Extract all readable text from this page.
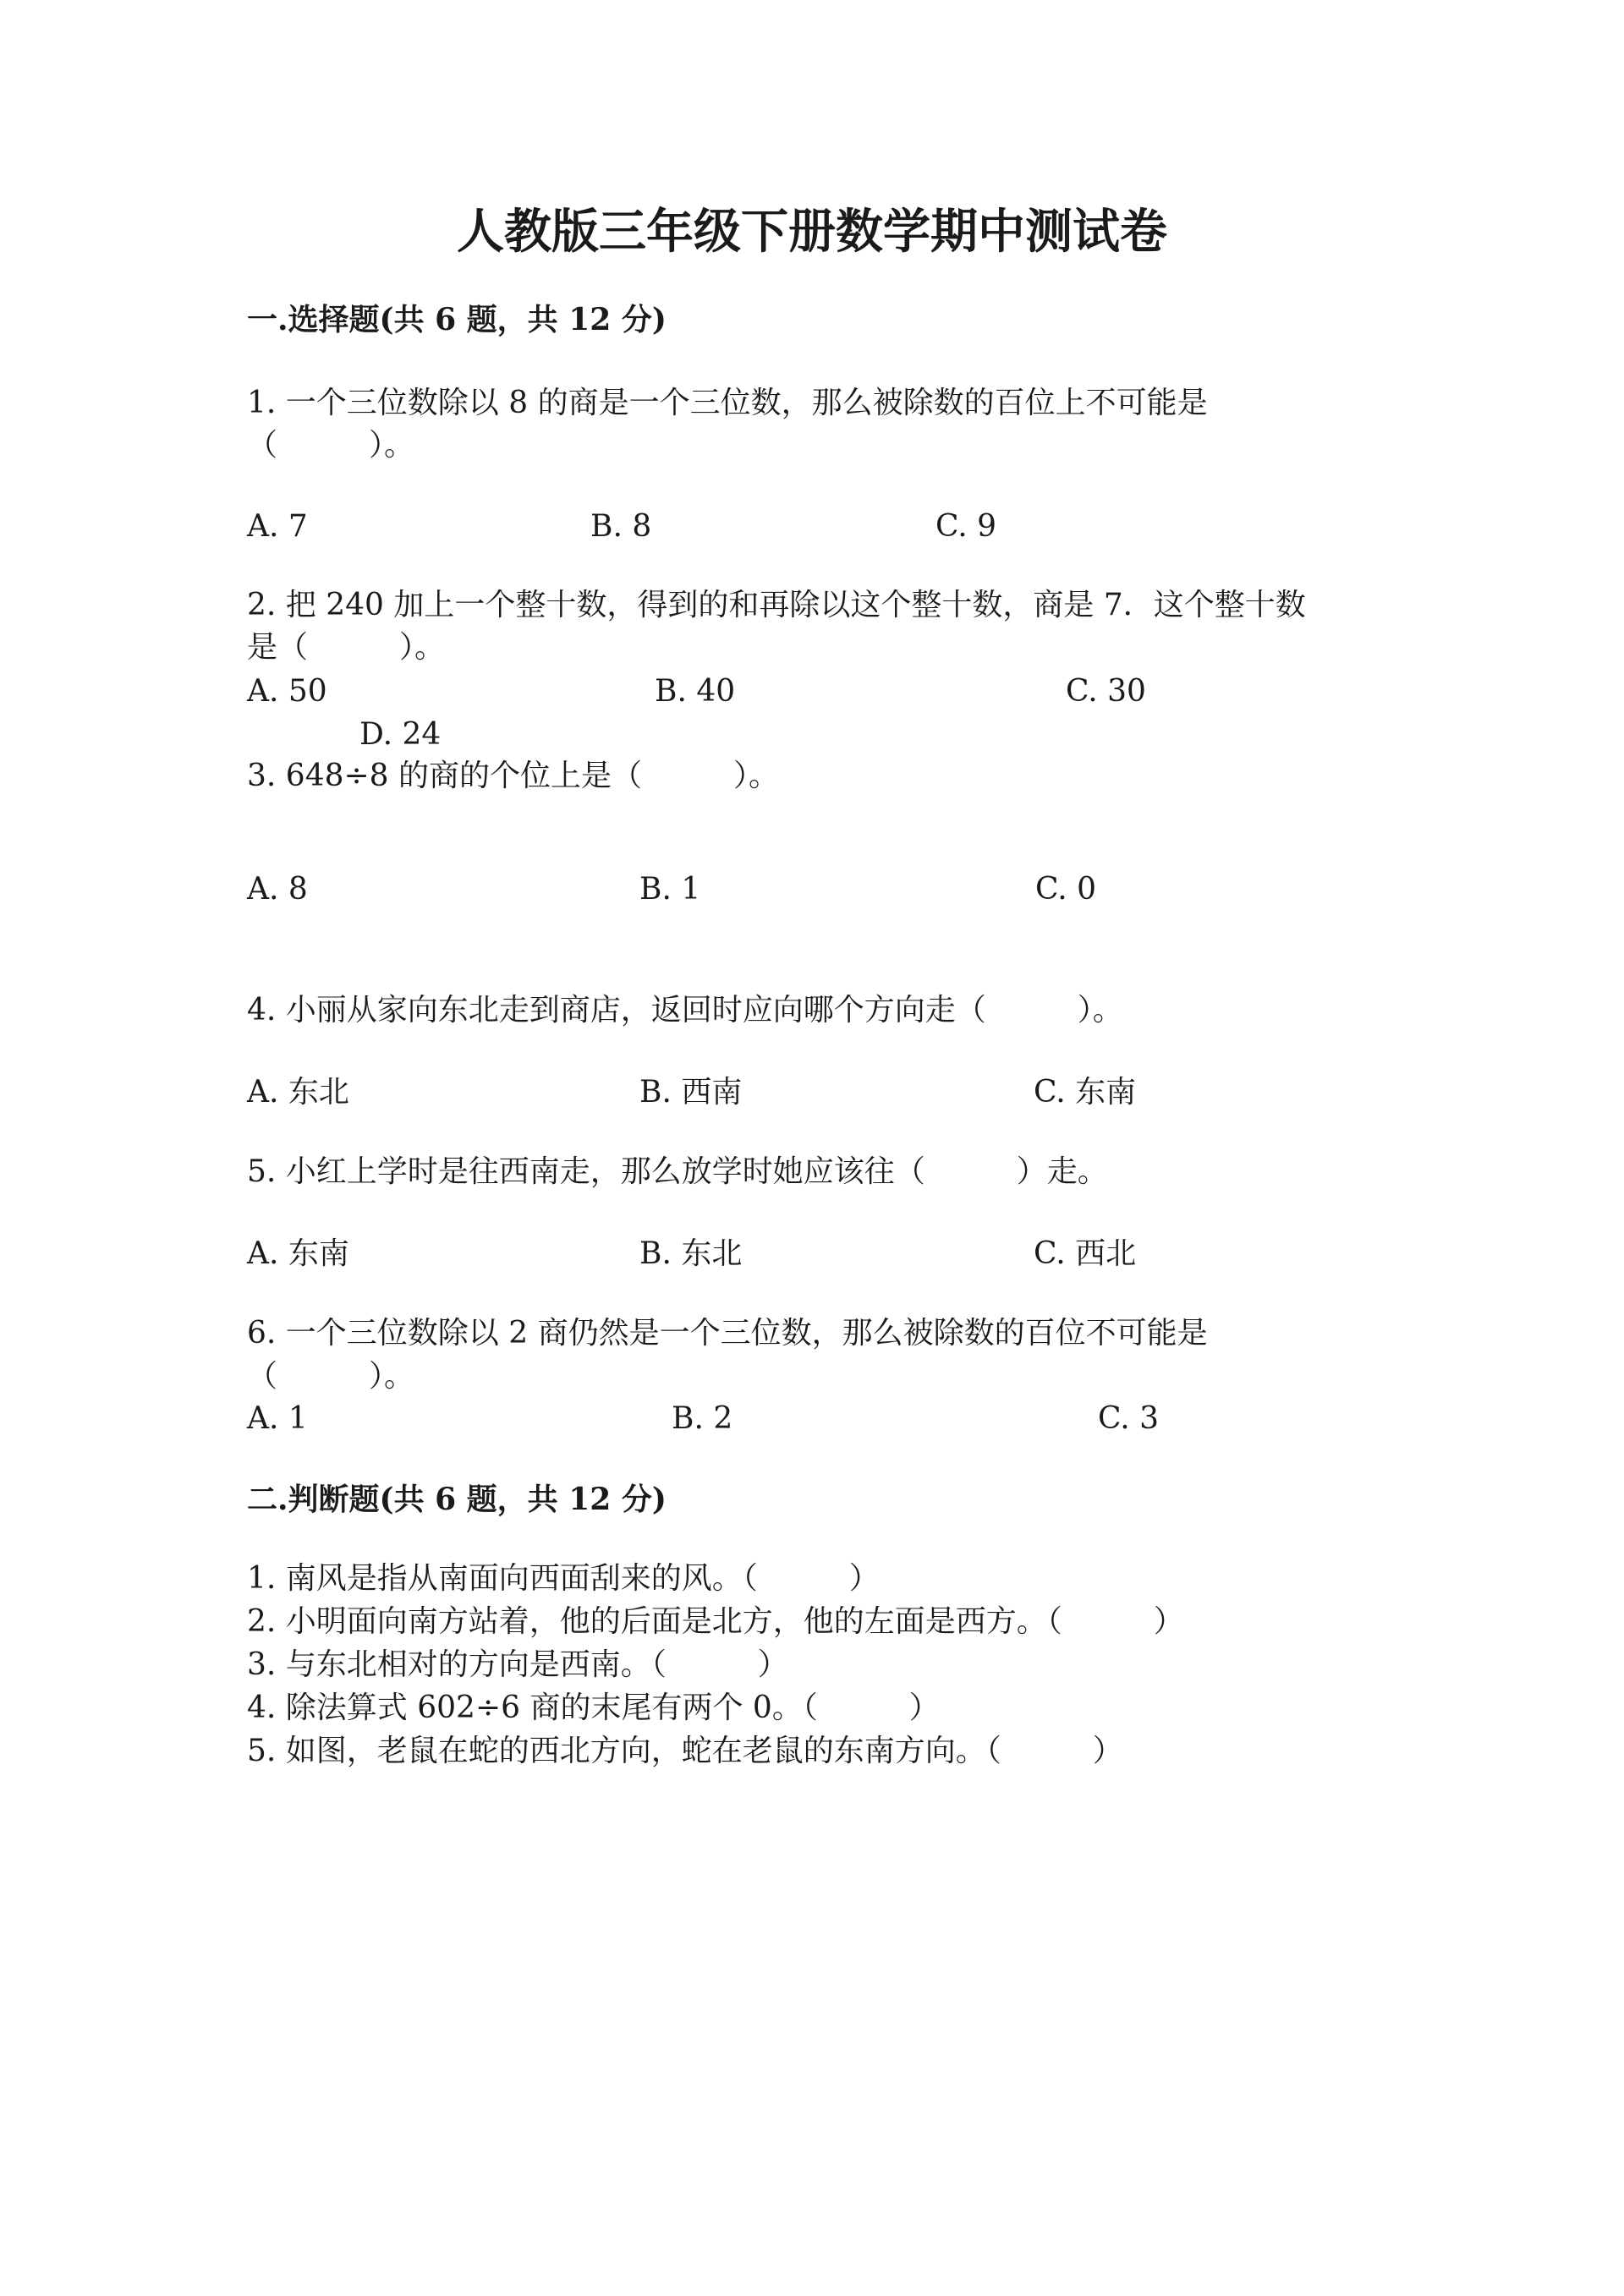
人教版三年级下册数学期中测试卷
一.选择题(共 6 题，共 12 分)
1. 一个三位数除以 8 的商是一个三位数，那么被除数的百位上不可能是
（　　　）。
A. 7	B. 8	C. 9
2. 把 240 加上一个整十数，得到的和再除以这个整十数，商是 7．这个整十数
是（　　　）。
A. 50	B. 40	C. 30
D. 24
3. 648÷8 的商的个位上是（　　　）。
A. 8	B. 1	C. 0
4. 小丽从家向东北走到商店，返回时应向哪个方向走（　　　）。
A. 东北	B. 西南	C. 东南
5. 小红上学时是往西南走，那么放学时她应该往（　　　）走。
A. 东南	B. 东北	C. 西北
6. 一个三位数除以 2 商仍然是一个三位数，那么被除数的百位不可能是
（　　　）。
A. 1	B. 2	C. 3
二.判断题(共 6 题，共 12 分)
1. 南风是指从南面向西面刮来的风。（　　　）
2. 小明面向南方站着，他的后面是北方，他的左面是西方。（　　　）
3. 与东北相对的方向是西南。（　　　）
4. 除法算式 602÷6 商的末尾有两个 0。（　　　）
5. 如图，老鼠在蛇的西北方向，蛇在老鼠的东南方向。（　　　）
